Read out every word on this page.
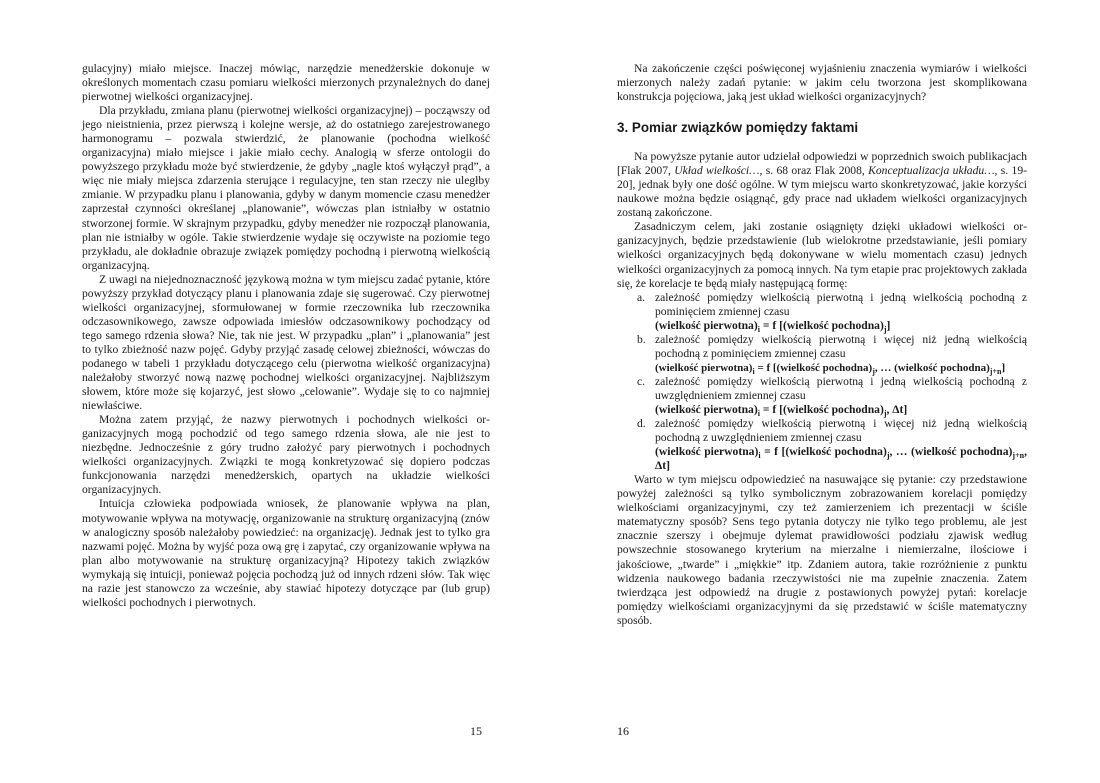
gulacyjny) miało miejsce. Inaczej mówiąc, narzędzie menedżerskie dokonuje w określonych momentach czasu pomiaru wielkości mierzonych przynależnych do danej pierwotnej wielkości organizacyjnej.

Dla przykładu, zmiana planu (pierwotnej wielkości organizacyjnej) – począwszy od jego nieistnienia, przez pierwszą i kolejne wersje, aż do ostatniego zarejestrowanego harmonogramu – pozwala stwierdzić, że planowanie (pochodna wielkość organizacyjna) miało miejsce i jakie miało cechy. Analogią w sferze ontologii do powyższego przykładu może być stwierdzenie, że gdyby „nagle ktoś wyłączył prąd”, a więc nie miały miejsca zdarzenia sterujące i regulacyjne, ten stan rzeczy nie uległby zmianie. W przypadku planu i planowania, gdyby w danym momencie czasu menedżer zaprzestał czynności określanej „planowanie”, wówczas plan istniałby w ostatnio stworzonej formie. W skrajnym przypadku, gdyby menedżer nie rozpoczął planowania, plan nie istniałby w ogóle. Takie stwierdzenie wydaje się oczywiste na poziomie tego przykładu, ale dokładnie obrazuje związek pomiędzy pochodną i pierwotną wielkością organizacyjną.

Z uwagi na niejednoznaczność językową można w tym miejscu zadać pytanie, które powyższy przykład dotyczący planu i planowania zdaje się sugerować. Czy pierwotnej wielkości organizacyjnej, sformułowanej w formie rzeczownika lub rzeczownika odczasownikowego, zawsze odpowiada imiesłów odczasownikowy pochodzący od tego samego rdzenia słowa? Nie, tak nie jest. W przypadku „plan” i „planowania” jest to tylko zbieżność nazw pojęć. Gdyby przyjąć zasadę celowej zbieżności, wówczas do podanego w tabeli 1 przykładu dotyczącego celu (pierwotna wielkość organizacyjna) należałoby stworzyć nową nazwę pochodnej wielkości organizacyjnej. Najbliższym słowem, które może się kojarzyć, jest słowo „celowanie”. Wydaje się to co najmniej niewłaściwe.

Można zatem przyjąć, że nazwy pierwotnych i pochodnych wielkości organizacyjnych mogą pochodzić od tego samego rdzenia słowa, ale nie jest to niezbędne. Jednocześnie z góry trudno założyć pary pierwotnych i pochodnych wielkości organizacyjnych. Związki te mogą konkretyzować się dopiero podczas funkcjonowania narzędzi menedżerskich, opartych na układzie wielkości organizacyjnych.

Intuicja człowieka podpowiada wniosek, że planowanie wpływa na plan, motywowanie wpływa na motywację, organizowanie na strukturę organizacyjną (znów w analogiczny sposób należałoby powiedzieć: na organizację). Jednak jest to tylko gra nazwami pojęć. Można by wyjść poza ową grę i zapytać, czy organizowanie wpływa na plan albo motywowanie na strukturę organizacyjną? Hipotezy takich związków wymykają się intuicji, ponieważ pojęcia pochodzą już od innych rdzeni słów. Tak więc na razie jest stanowczo za wcześnie, aby stawiać hipotezy dotyczące par (lub grup) wielkości pochodnych i pierwotnych.

15

Na zakończenie części poświęconej wyjaśnieniu znaczenia wymiarów i wielkości mierzonych należy zadań pytanie: w jakim celu tworzona jest skomplikowana konstrukcja pojęciowa, jaką jest układ wielkości organizacyjnych?

3. Pomiar związków pomiędzy faktami

Na powyższe pytanie autor udzielał odpowiedzi w poprzednich swoich publikacjach [Flak 2007, Układ wielkości…, s. 68 oraz Flak 2008, Konceptualizacja układu…, s. 19-20], jednak były one dość ogólne. W tym miejscu warto skonkretyzować, jakie korzyści naukowe można będzie osiągnąć, gdy prace nad układem wielkości organizacyjnych zostaną zakończone.

Zasadniczym celem, jaki zostanie osiągnięty dzięki układowi wielkości organizacyjnych, będzie przedstawienie (lub wielokrotne przedstawianie, jeśli pomiary wielkości organizacyjnych będą dokonywane w wielu momentach czasu) jednych wielkości organizacyjnych za pomocą innych. Na tym etapie prac projektowych zakłada się, że korelacje te będą miały następującą formę:

a. zależność pomiędzy wielkością pierwotną i jedną wielkością pochodną z pominięciem zmiennej czasu
(wielkość $pierwotna)_i = f$ [(wielkość $pochodna)_j$]
b. zależność pomiędzy wielkością pierwotną i więcej niż jedną wielkością pochodną z pominięciem zmiennej czasu
(wielkość $pierwotna)_i = f$ [(wielkość $pochodna)_j$, … (wielkość $pochodna)_{j+n}$]
c. zależność pomiędzy wielkością pierwotną i jedną wielkością pochodną z uwzględnieniem zmiennej czasu
(wielkość $pierwotna)_i = f$ [(wielkość $pochodna)_j$, Δt]
d. zależność pomiędzy wielkością pierwotną i więcej niż jedną wielkością pochodną z uwzględnieniem zmiennej czasu
(wielkość $pierwotna)_i = f$ [(wielkość $pochodna)_j$, … (wielkość $pochodna)_{j+n}$, Δt]

Warto w tym miejscu odpowiedzieć na nasuwające się pytanie: czy przedstawione powyżej zależności są tylko symbolicznym zobrazowaniem korelacji pomiędzy wielkościami organizacyjnymi, czy też zamierzeniem ich prezentacji w ściśle matematyczny sposób? Sens tego pytania dotyczy nie tylko tego problemu, ale jest znacznie szerszy i obejmuje dylemat prawidłowości podziału zjawisk według powszechnie stosowanego kryterium na mierzalne i niemierzalne, ilościowe i jakościowe, „twarde” i „miękkie” itp. Zdaniem autora, takie rozróżnienie z punktu widzenia naukowego badania rzeczywistości nie ma zupełnie znaczenia. Zatem twierdząca jest odpowiedź na drugie z postawionych powyżej pytań: korelacje pomiędzy wielkościami organizacyjnymi da się przedstawić w ściśle matematyczny sposób.

16
